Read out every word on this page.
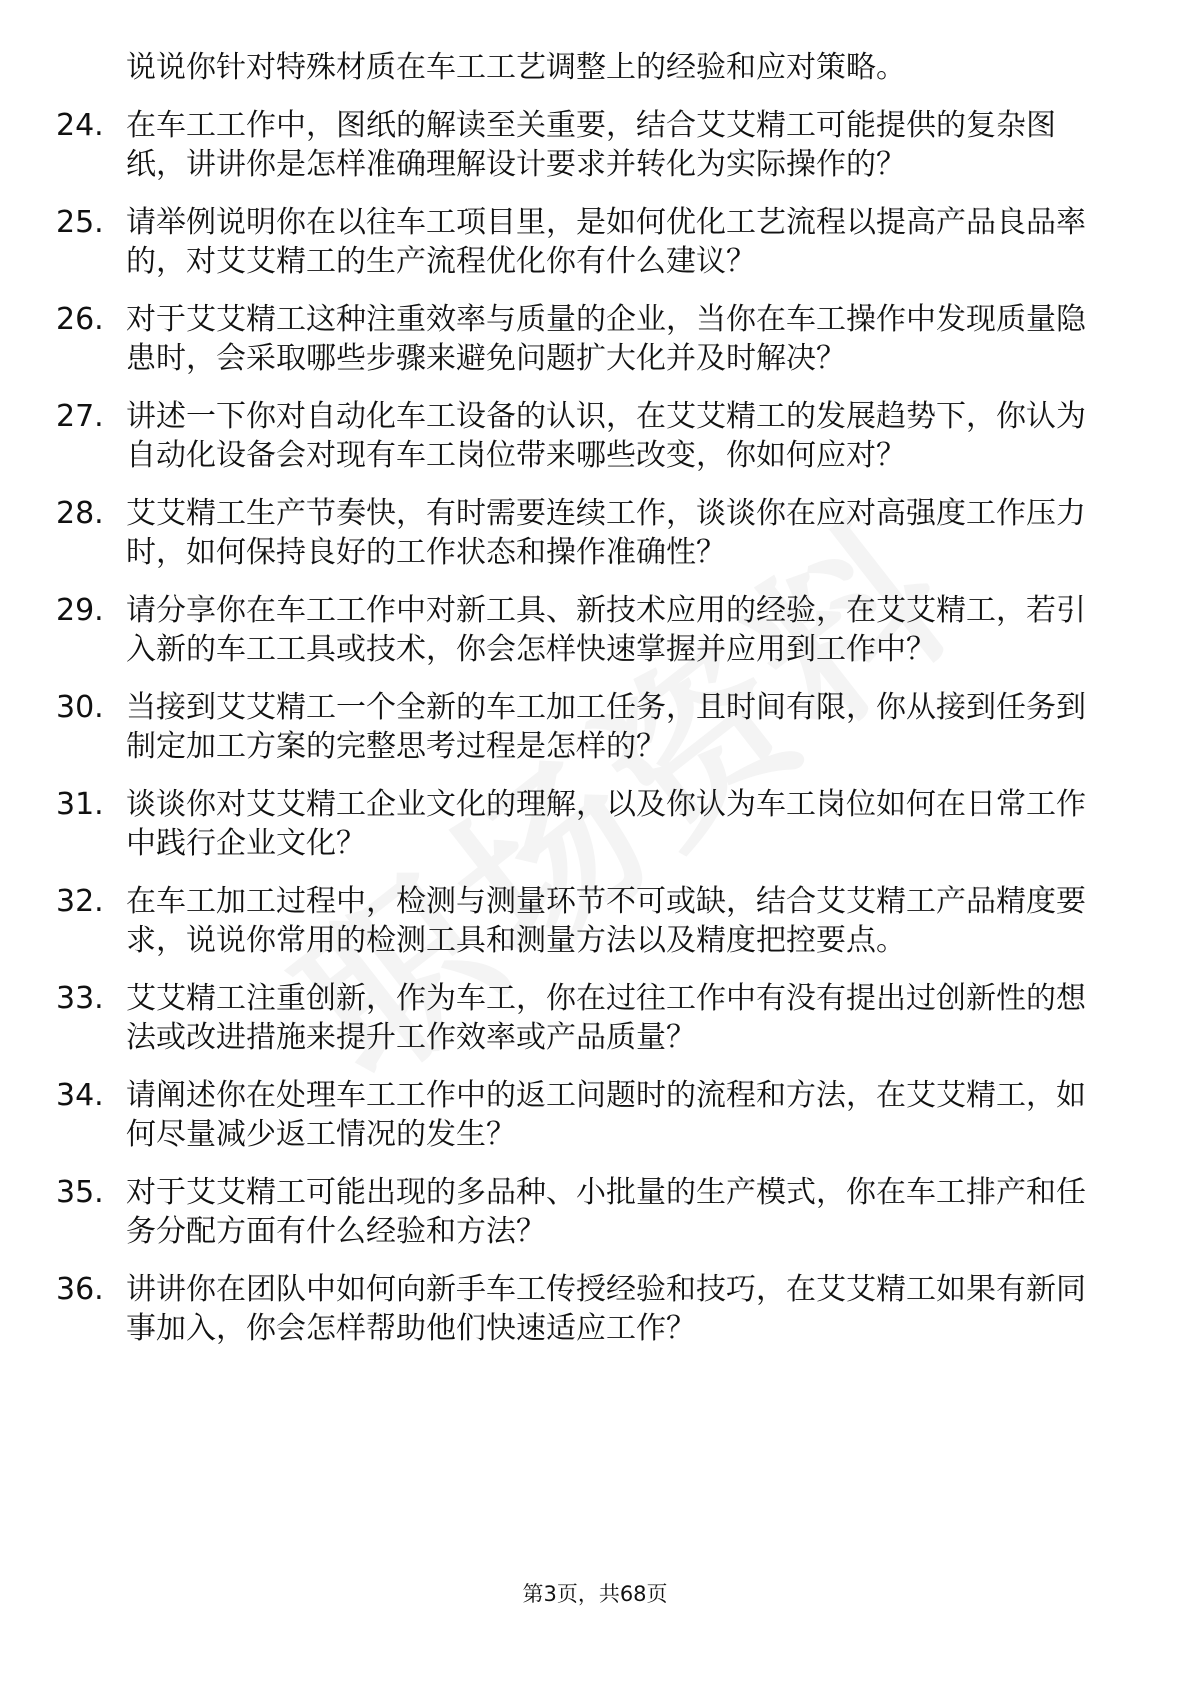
说说你针对特殊材质在车工工艺调整上的经验和应对策略。
24. 在车工工作中，图纸的解读至关重要，结合艾艾精工可能提供的复杂图纸，讲讲你是怎样准确理解设计要求并转化为实际操作的？
25. 请举例说明你在以往车工项目里，是如何优化工艺流程以提高产品良品率的，对艾艾精工的生产流程优化你有什么建议？
26. 对于艾艾精工这种注重效率与质量的企业，当你在车工操作中发现质量隐患时，会采取哪些步骤来避免问题扩大化并及时解决？
27. 讲述一下你对自动化车工设备的认识，在艾艾精工的发展趋势下，你认为自动化设备会对现有车工岗位带来哪些改变，你如何应对？
28. 艾艾精工生产节奏快，有时需要连续工作，谈谈你在应对高强度工作压力时，如何保持良好的工作状态和操作准确性？
29. 请分享你在车工工作中对新工具、新技术应用的经验，在艾艾精工，若引入新的车工工具或技术，你会怎样快速掌握并应用到工作中？
30. 当接到艾艾精工一个全新的车工加工任务，且时间有限，你从接到任务到制定加工方案的完整思考过程是怎样的？
31. 谈谈你对艾艾精工企业文化的理解，以及你认为车工岗位如何在日常工作中践行企业文化？
32. 在车工加工过程中，检测与测量环节不可或缺，结合艾艾精工产品精度要求，说说你常用的检测工具和测量方法以及精度把控要点。
33. 艾艾精工注重创新，作为车工，你在过往工作中有没有提出过创新性的想法或改进措施来提升工作效率或产品质量？
34. 请阐述你在处理车工工作中的返工问题时的流程和方法，在艾艾精工，如何尽量减少返工情况的发生？
35. 对于艾艾精工可能出现的多品种、小批量的生产模式，你在车工排产和任务分配方面有什么经验和方法？
36. 讲讲你在团队中如何向新手车工传授经验和技巧，在艾艾精工如果有新同事加入，你会怎样帮助他们快速适应工作？
第3页，共68页
